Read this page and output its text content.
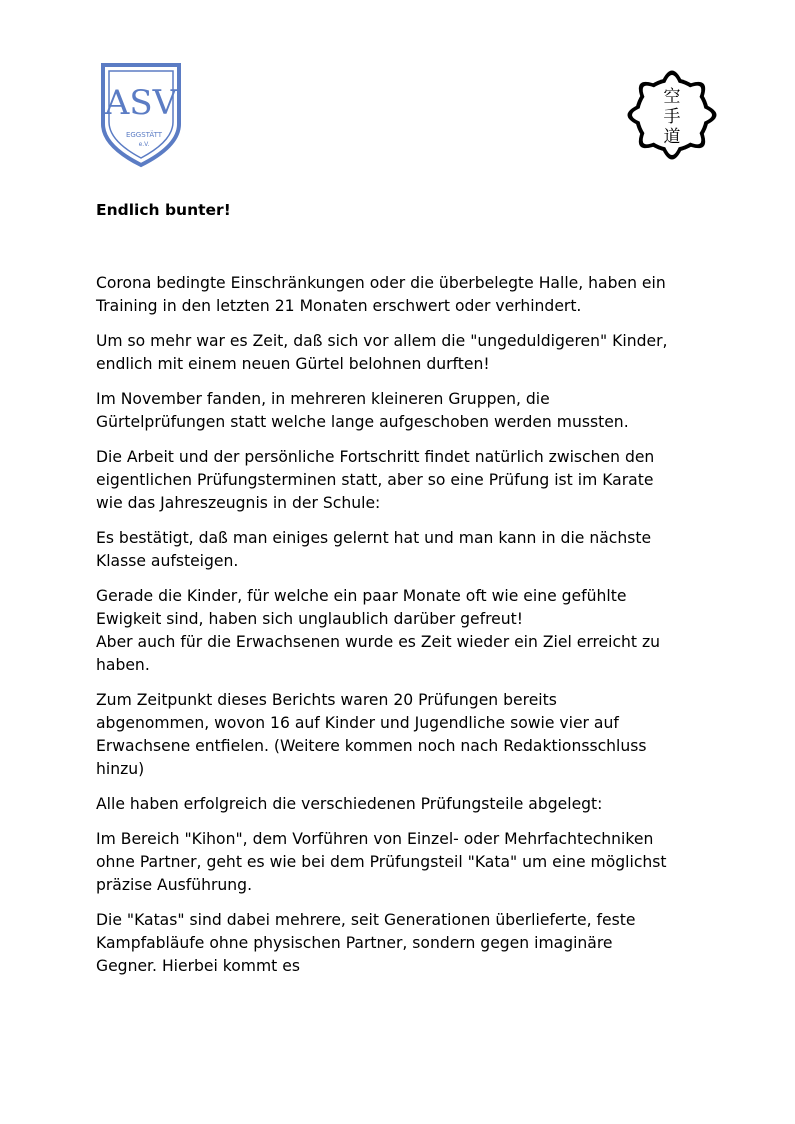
ASV
EGGSTÄTT
e.V.
空
手
道
Endlich bunter!

Corona bedingte Einschränkungen oder die überbelegte Halle, haben ein
Training in den letzten 21 Monaten erschwert oder verhindert.

Um so mehr war es Zeit, daß sich vor allem die "ungeduldigeren" Kinder,
endlich mit einem neuen Gürtel belohnen durften!

Im November fanden, in mehreren kleineren Gruppen, die
Gürtelprüfungen statt welche lange aufgeschoben werden mussten.

Die Arbeit und der persönliche Fortschritt findet natürlich zwischen den
eigentlichen Prüfungsterminen statt, aber so eine Prüfung ist im Karate
wie das Jahreszeugnis in der Schule:

Es bestätigt, daß man einiges gelernt hat und man kann in die nächste
Klasse aufsteigen.

Gerade die Kinder, für welche ein paar Monate oft wie eine gefühlte
Ewigkeit sind, haben sich unglaublich darüber gefreut!
Aber auch für die Erwachsenen wurde es Zeit wieder ein Ziel erreicht zu
haben.

Zum Zeitpunkt dieses Berichts waren 20 Prüfungen bereits
abgenommen, wovon 16 auf Kinder und Jugendliche sowie vier auf
Erwachsene entfielen. (Weitere kommen noch nach Redaktionsschluss
hinzu)

Alle haben erfolgreich die verschiedenen Prüfungsteile abgelegt:

Im Bereich "Kihon", dem Vorführen von Einzel- oder Mehrfachtechniken
ohne Partner, geht es wie bei dem Prüfungsteil "Kata" um eine möglichst
präzise Ausführung.

Die "Katas" sind dabei mehrere, seit Generationen überlieferte, feste
Kampfabläufe ohne physischen Partner, sondern gegen imaginäre
Gegner. Hierbei kommt es
